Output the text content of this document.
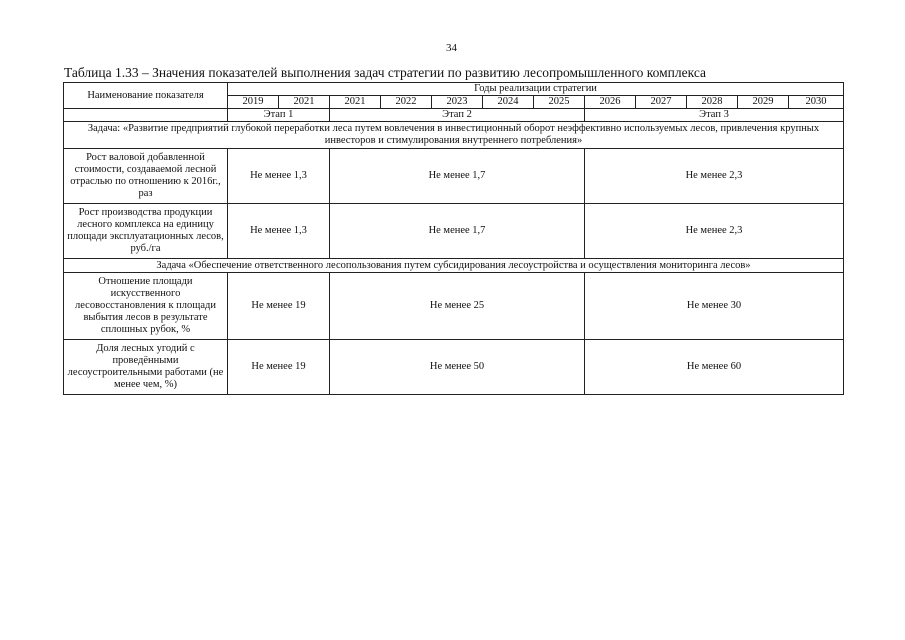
34
Таблица 1.33 – Значения показателей выполнения задач стратегии по развитию лесопромышленного комплекса
Наименование показателя	Годы реализации стратегии											
	2019	2021	2021	2022	2023	2024	2025	2026	2027	2028	2029	2030
	Этап 1		Этап 2					Этап 3				
Задача: «Развитие предприятий глубокой переработки леса путем вовлечения в инвестиционный оборот неэффективно используемых лесов, привлечения крупных инвесторов и стимулирования внутреннего потребления»												
Рост валовой добавленной стоимости, создаваемой лесной отраслью по отношению к 2016г., раз	Не менее 1,3		Не менее 1,7					Не менее 2,3				
Рост производства продукции лесного комплекса на единицу площади эксплуатационных лесов, руб./га	Не менее 1,3		Не менее 1,7					Не менее 2,3				
Задача «Обеспечение ответственного лесопользования путем субсидирования лесоустройства и осуществления мониторинга лесов»												
Отношение площади искусственного лесовосстановления к площади выбытия лесов в результате сплошных рубок, %	Не менее 19		Не менее 25					Не менее 30				
Доля лесных угодий с проведёнными лесоустроительными работами (не менее чем, %)	Не менее 19		Не менее 50					Не менее 60				
